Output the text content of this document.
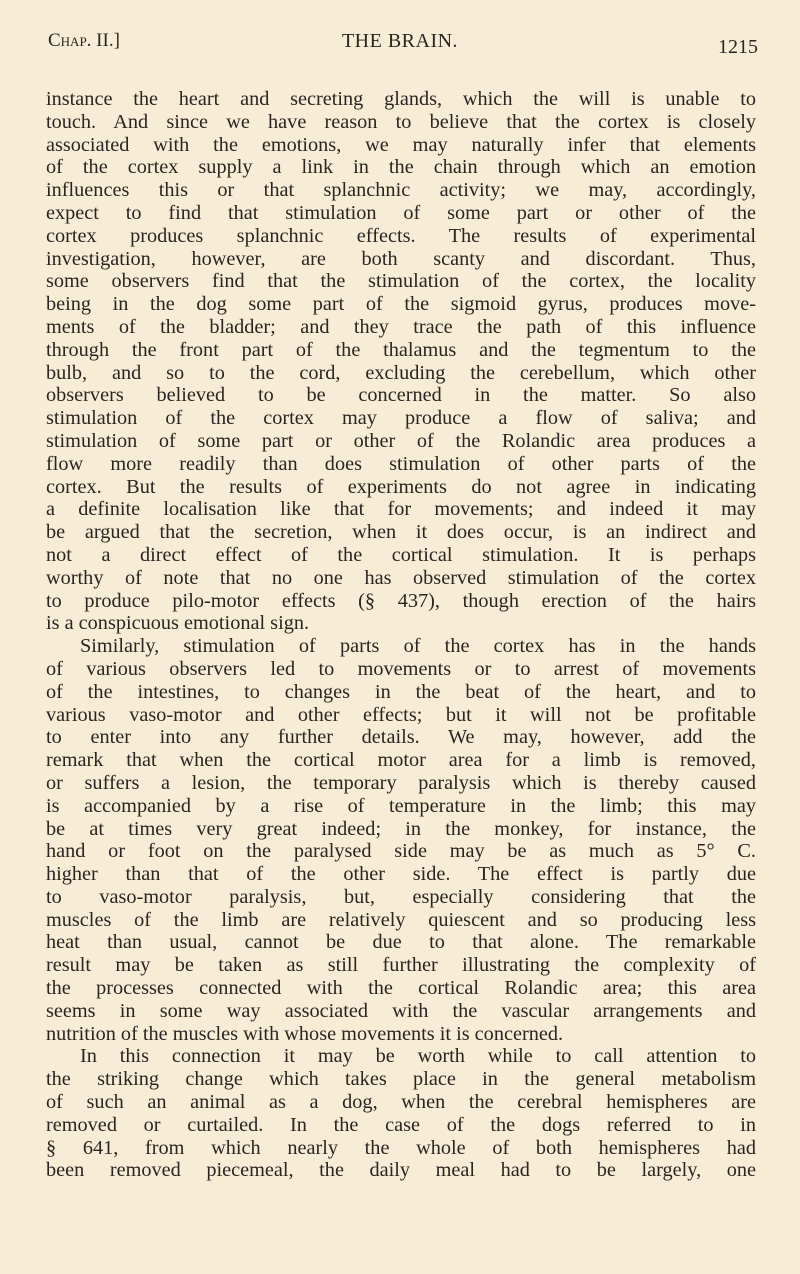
Chap. II.]	THE BRAIN.	1215
instance the heart and secreting glands, which the will is unable to
touch. And since we have reason to believe that the cortex is closely
associated with the emotions, we may naturally infer that elements
of the cortex supply a link in the chain through which an emotion
influences this or that splanchnic activity; we may, accordingly,
expect to find that stimulation of some part or other of the
cortex produces splanchnic effects. The results of experimental
investigation, however, are both scanty and discordant. Thus,
some observers find that the stimulation of the cortex, the locality
being in the dog some part of the sigmoid gyrus, produces move-
ments of the bladder; and they trace the path of this influence
through the front part of the thalamus and the tegmentum to the
bulb, and so to the cord, excluding the cerebellum, which other
observers believed to be concerned in the matter. So also
stimulation of the cortex may produce a flow of saliva; and
stimulation of some part or other of the Rolandic area produces a
flow more readily than does stimulation of other parts of the
cortex. But the results of experiments do not agree in indicating
a definite localisation like that for movements; and indeed it may
be argued that the secretion, when it does occur, is an indirect and
not a direct effect of the cortical stimulation. It is perhaps
worthy of note that no one has observed stimulation of the cortex
to produce pilo-motor effects (§ 437), though erection of the hairs
is a conspicuous emotional sign.
Similarly, stimulation of parts of the cortex has in the hands
of various observers led to movements or to arrest of movements
of the intestines, to changes in the beat of the heart, and to
various vaso-motor and other effects; but it will not be profitable
to enter into any further details. We may, however, add the
remark that when the cortical motor area for a limb is removed,
or suffers a lesion, the temporary paralysis which is thereby caused
is accompanied by a rise of temperature in the limb; this may
be at times very great indeed; in the monkey, for instance, the
hand or foot on the paralysed side may be as much as 5° C.
higher than that of the other side. The effect is partly due
to vaso-motor paralysis, but, especially considering that the
muscles of the limb are relatively quiescent and so producing less
heat than usual, cannot be due to that alone. The remarkable
result may be taken as still further illustrating the complexity of
the processes connected with the cortical Rolandic area; this area
seems in some way associated with the vascular arrangements and
nutrition of the muscles with whose movements it is concerned.
In this connection it may be worth while to call attention to
the striking change which takes place in the general metabolism
of such an animal as a dog, when the cerebral hemispheres are
removed or curtailed. In the case of the dogs referred to in
§ 641, from which nearly the whole of both hemispheres had
been removed piecemeal, the daily meal had to be largely, one
